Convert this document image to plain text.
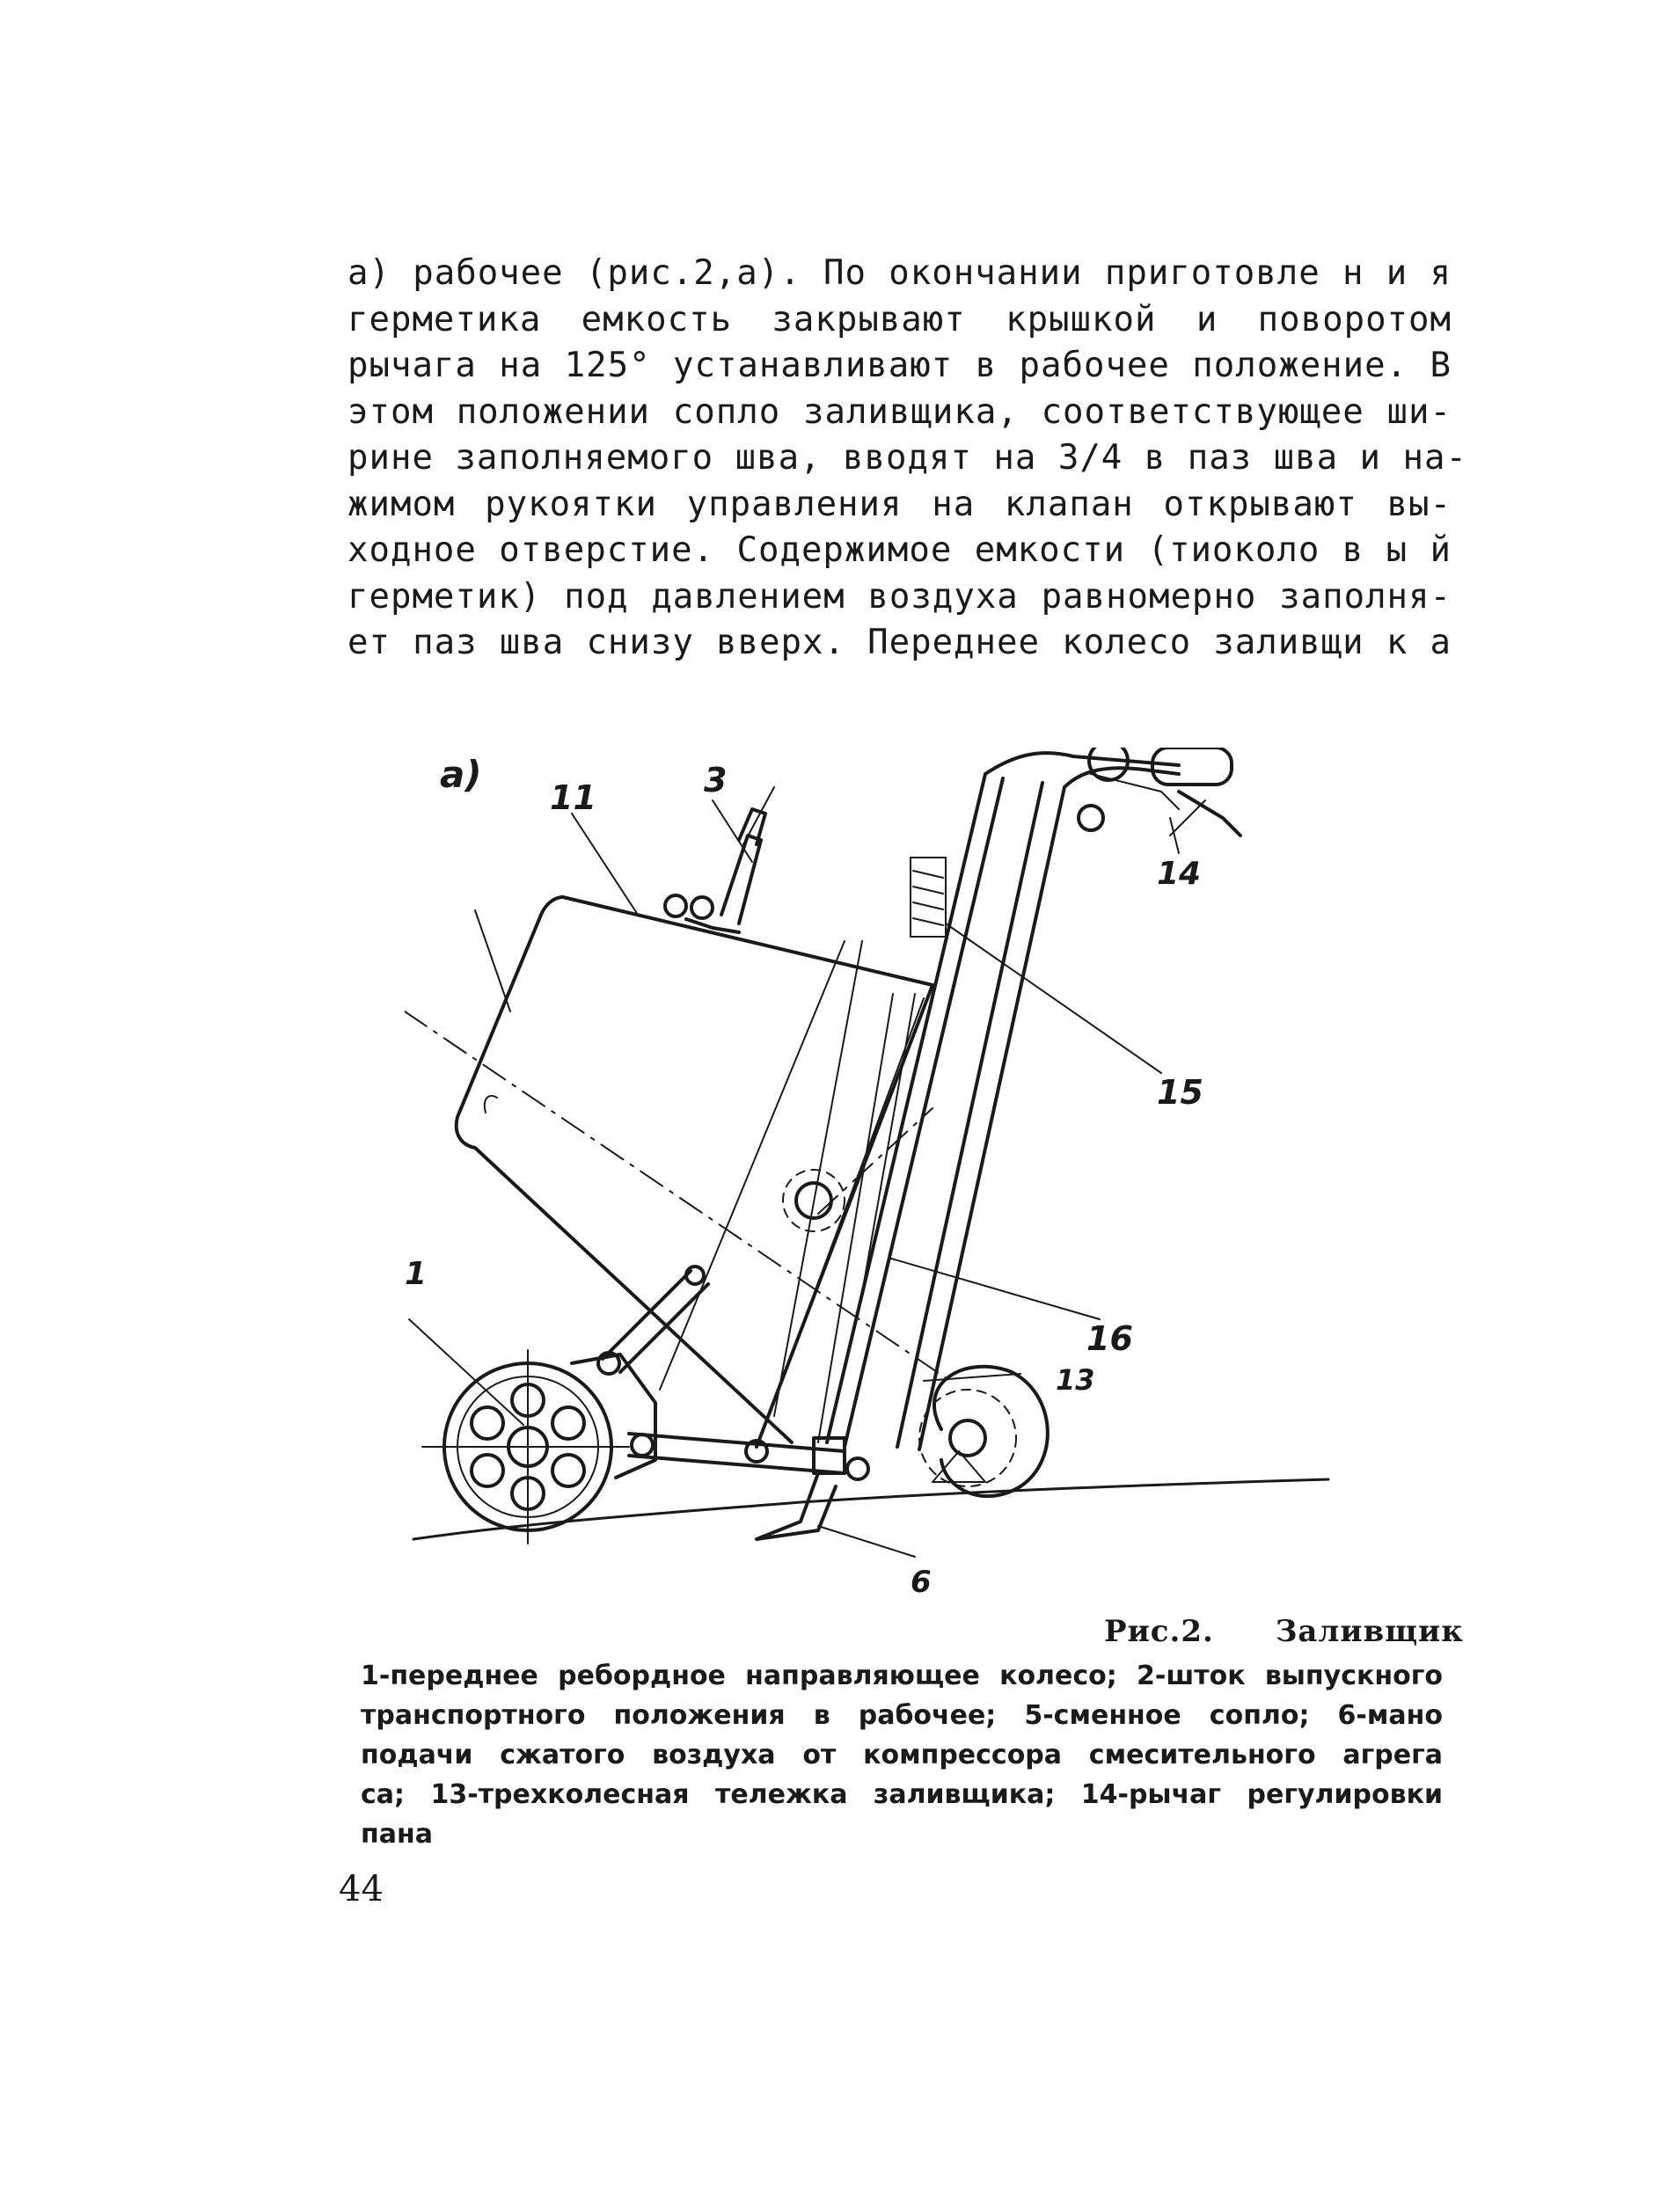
а) рабочее (рис.2,а). По окончании приготовле н и я
герметика емкость закрывают крышкой и поворотом
рычага на 125° устанавливают в рабочее положение. В
этом положении сопло заливщика, соответствующее ши-
рине заполняемого шва, вводят на 3/4 в паз шва и на-
жимом рукоятки управления на клапан открывают вы-
ходное отверстие. Содержимое емкости (тиоколо в ы й
герметик) под давлением воздуха равномерно заполня-
ет паз шва снизу вверх. Переднее колесо заливщи к а
а)
11	3
14
15
16
1
13
6
Рис.2. Заливщик
1-переднее ребордное направляющее колесо; 2-шток выпускного
транспортного положения в рабочее; 5-сменное сопло; 6-мано
подачи сжатого воздуха от компрессора смесительного агрега
са; 13-трехколесная тележка заливщика; 14-рычаг регулировки
пана
44
